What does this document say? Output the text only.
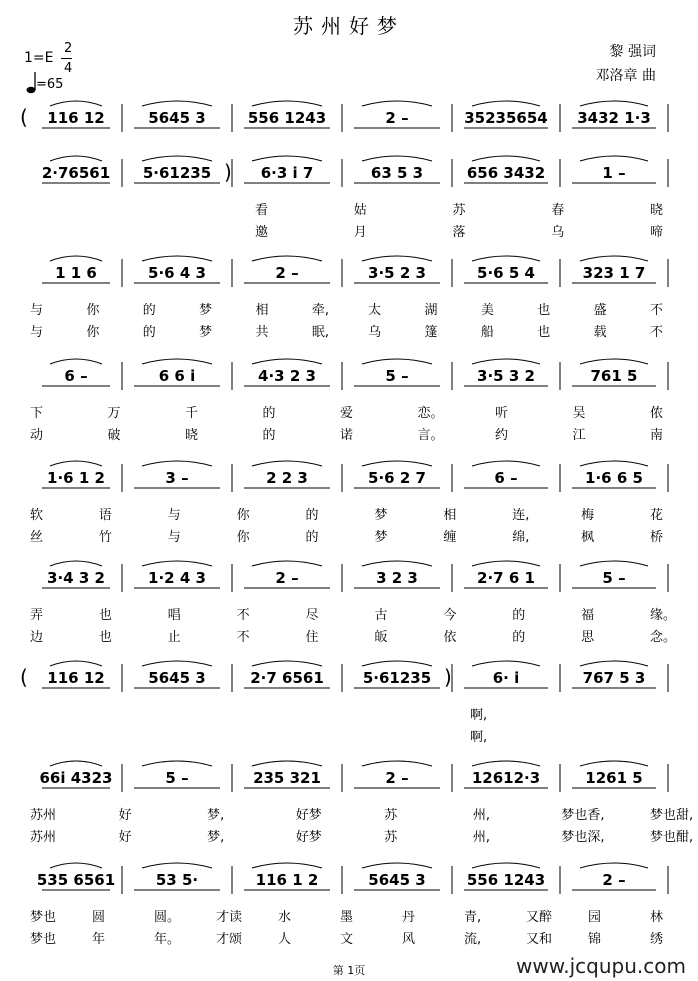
苏州好梦
1=E
2
4
=65
黎 强词
邓洛章 曲
116 12	5645 3	556 1243	2 –	35235654 3432 1·3
(
2·76561 5·61235	6·3 i 7	63 5 3	656 3432	1 –
)
看	姑	苏	春	晓
邀	月	落	乌	啼
1 1 6	5·6 4 3	2 –	3·5 2 3	5·6 5 4	323 1 7
与	你	的	梦	相	牵,	太	湖	美	也	盛	不
与	你	的	梦	共	眠,	乌	篷	船	也	载	不
6 –	6 6 i	4·3 2 3	5 –	3·5 3 2	761 5
下	万	千	的	爱	恋。	听	吴	侬
动	破	晓	的	诺	言。	约	江	南
1·6 1 2	3 –	2 2 3	5·6 2 7	6 –	1·6 6 5
软	语	与	你	的	梦	相	连,	梅	花
丝	竹	与	你	的	梦	缠	绵,	枫	桥
3·4 3 2	1·2 4 3	2 –	3 2 3	2·7 6 1	5 –
弄	也	唱	不	尽	古	今	的	福	缘。
边	也	止	不	住	皈	依	的	思	念。
116 12	5645 3	2·7 6561	5·61235	6· i	767 5 3
(	)
啊,
啊,
66i 4323	5 –	235 321	2 –	12612·3	1261 5
苏州	好	梦,	好梦	苏	州,	梦也香,	梦也甜,
苏州	好	梦,	好梦	苏	州,	梦也深,	梦也酣,
535 6561	53 5·	116 1 2	5645 3	556 1243	2 –
梦也	圆	圆。	才读	水	墨	丹	青,	又醉	园	林
梦也	年	年。	才颂	人	文	风	流,	又和	锦	绣
第 1页	www.jcqupu.com
